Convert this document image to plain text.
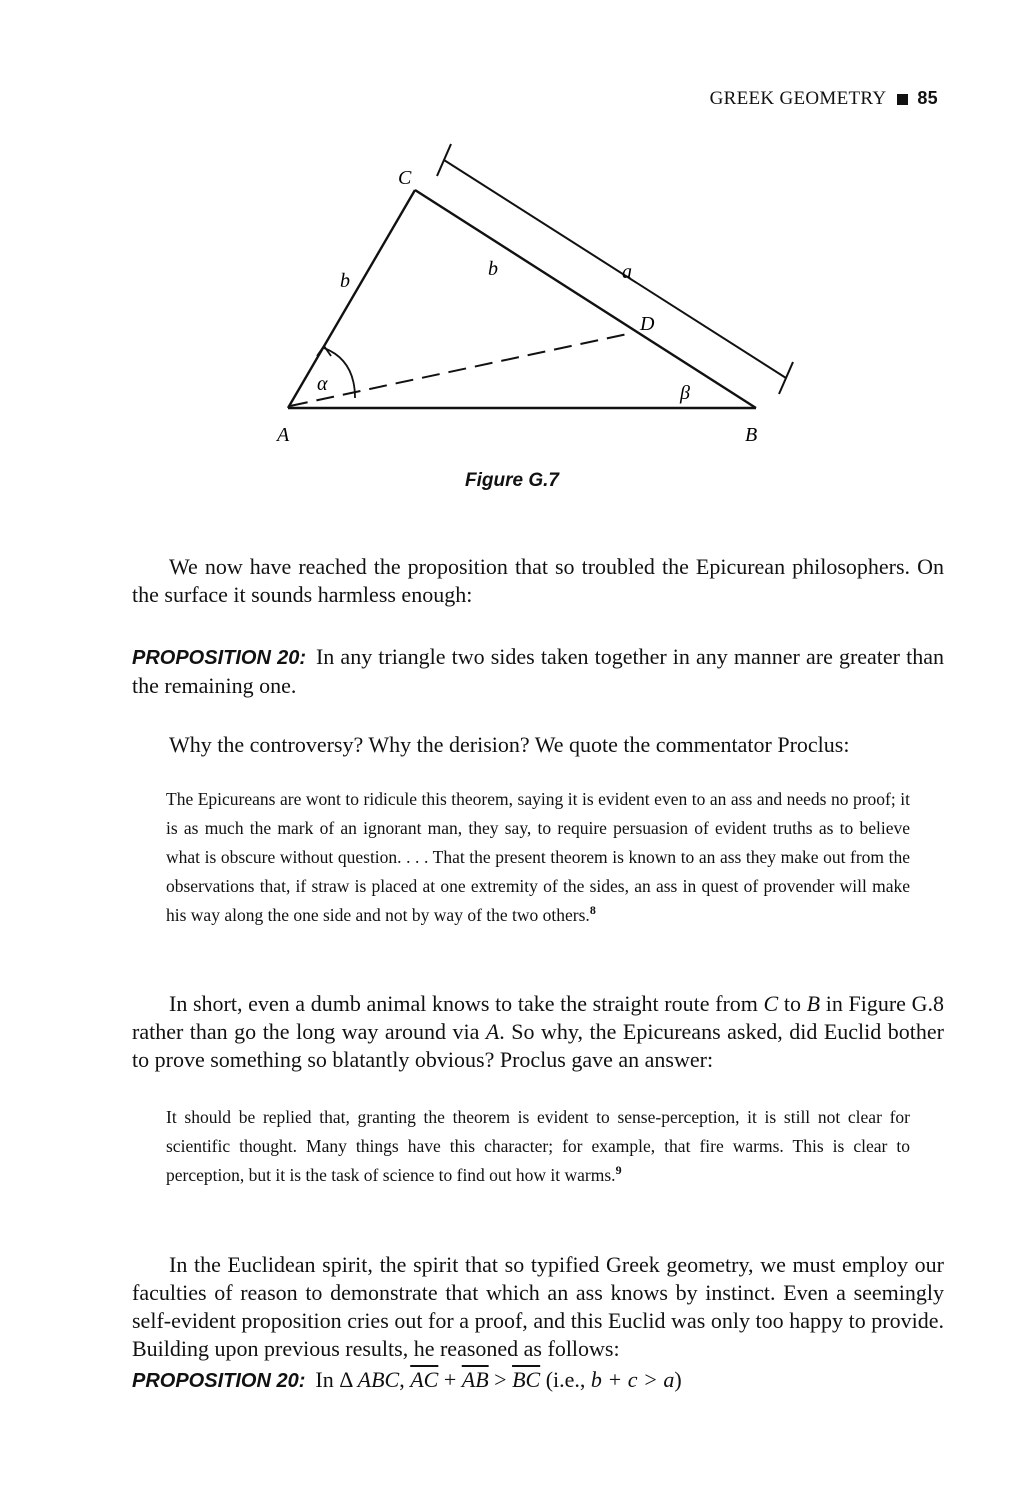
GREEK GEOMETRY 85
A	B
C
D
b
b	a
α	β
Figure G.7
We now have reached the proposition that so troubled the Epicurean philosophers. On the surface it sounds harmless enough:
PROPOSITION 20: In any triangle two sides taken together in any manner are greater than the remaining one.
Why the controversy? Why the derision? We quote the commentator Proclus:
The Epicureans are wont to ridicule this theorem, saying it is evident even to an ass and needs no proof; it is as much the mark of an ignorant man, they say, to require persuasion of evident truths as to believe what is obscure without question. . . . That the present theorem is known to an ass they make out from the observations that, if straw is placed at one extremity of the sides, an ass in quest of provender will make his way along the one side and not by way of the two others.$^8$
In short, even a dumb animal knows to take the straight route from C to B in Figure G.8 rather than go the long way around via A. So why, the Epicureans asked, did Euclid bother to prove something so blatantly obvious? Proclus gave an answer:
It should be replied that, granting the theorem is evident to sense-perception, it is still not clear for scientific thought. Many things have this character; for example, that fire warms. This is clear to perception, but it is the task of science to find out how it warms.$^9$
In the Euclidean spirit, the spirit that so typified Greek geometry, we must employ our faculties of reason to demonstrate that which an ass knows by instinct. Even a seemingly self-evident proposition cries out for a proof, and this Euclid was only too happy to provide. Building upon previous results, he reasoned as follows:
PROPOSITION 20: In Δ ABC, $\overline{AC} + \overline{AB} > \overline{BC}$ (i.e., b + c > a)
